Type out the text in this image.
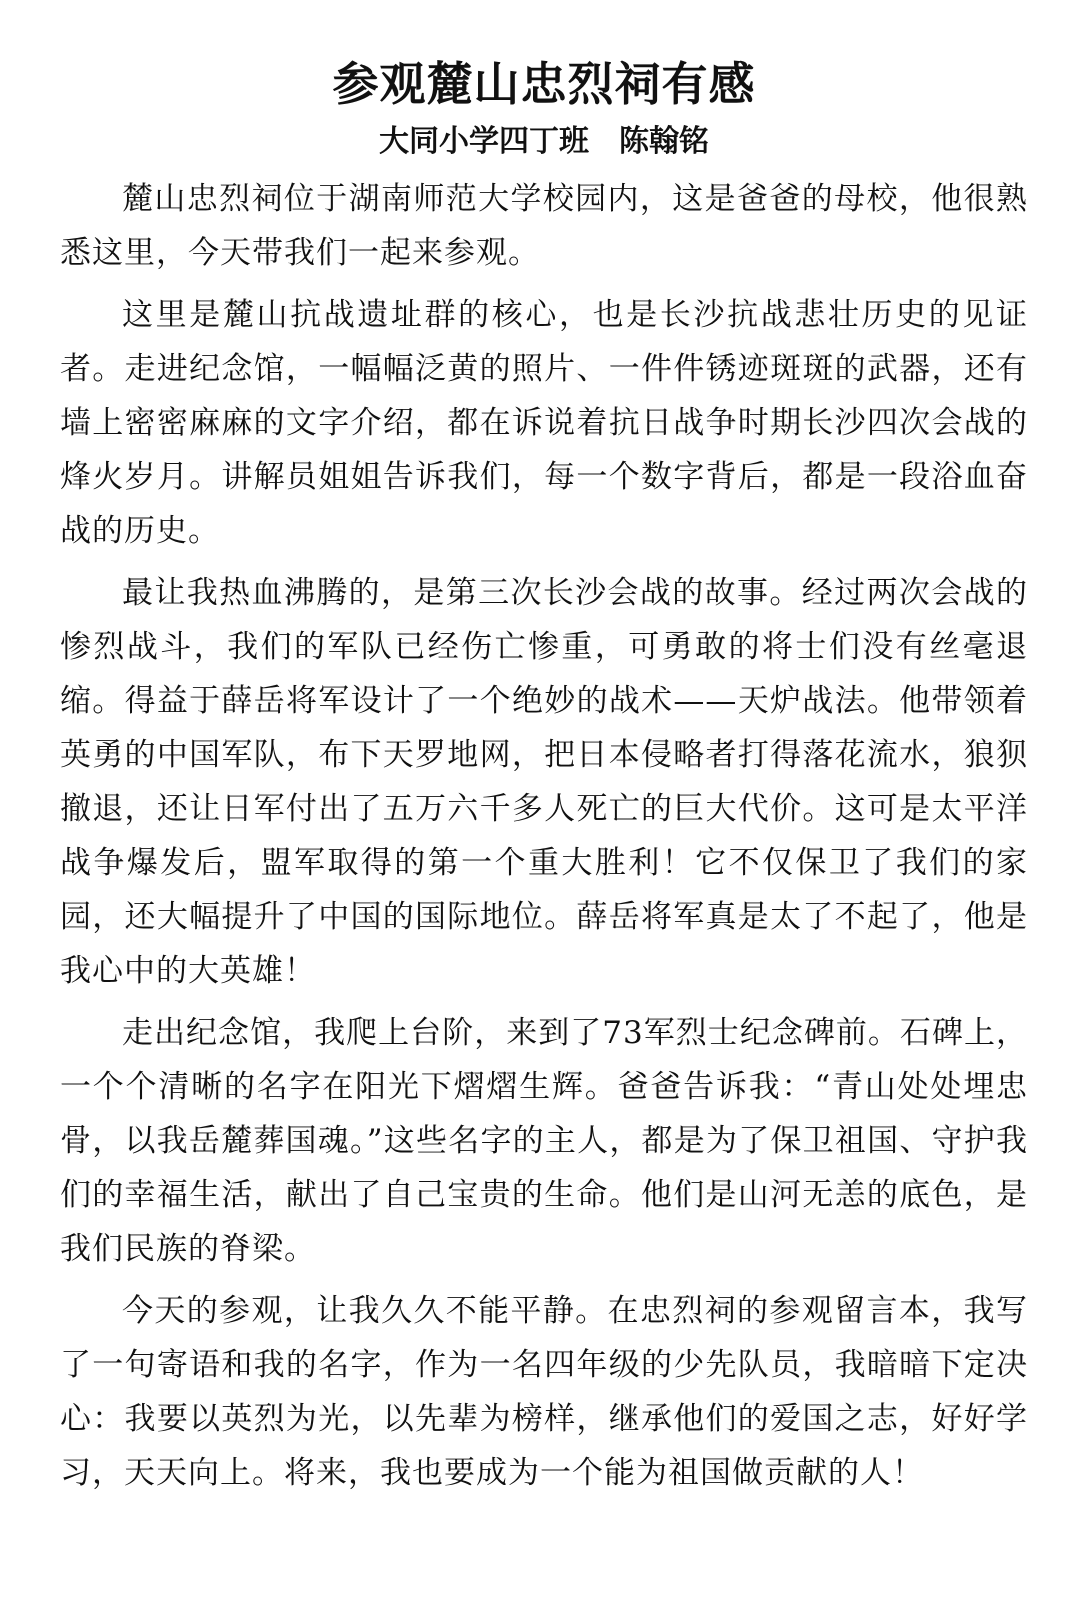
参观麓山忠烈祠有感
大同小学四丁班　陈翰铭

麓山忠烈祠位于湖南师范大学校园内，这是爸爸的母校，他很熟悉这里，今天带我们一起来参观。

这里是麓山抗战遗址群的核心，也是长沙抗战悲壮历史的见证者。走进纪念馆，一幅幅泛黄的照片、一件件锈迹斑斑的武器，还有墙上密密麻麻的文字介绍，都在诉说着抗日战争时期长沙四次会战的烽火岁月。讲解员姐姐告诉我们，每一个数字背后，都是一段浴血奋战的历史。

最让我热血沸腾的，是第三次长沙会战的故事。经过两次会战的惨烈战斗，我们的军队已经伤亡惨重，可勇敢的将士们没有丝毫退缩。得益于薛岳将军设计了一个绝妙的战术——天炉战法。他带领着英勇的中国军队，布下天罗地网，把日本侵略者打得落花流水，狼狈撤退，还让日军付出了五万六千多人死亡的巨大代价。这可是太平洋战争爆发后，盟军取得的第一个重大胜利！它不仅保卫了我们的家园，还大幅提升了中国的国际地位。薛岳将军真是太了不起了，他是我心中的大英雄！

走出纪念馆，我爬上台阶，来到了73军烈士纪念碑前。石碑上，一个个清晰的名字在阳光下熠熠生辉。爸爸告诉我：“青山处处埋忠骨，以我岳麓葬国魂。”这些名字的主人，都是为了保卫祖国、守护我们的幸福生活，献出了自己宝贵的生命。他们是山河无恙的底色，是我们民族的脊梁。

今天的参观，让我久久不能平静。在忠烈祠的参观留言本，我写了一句寄语和我的名字，作为一名四年级的少先队员，我暗暗下定决心：我要以英烈为光，以先辈为榜样，继承他们的爱国之志，好好学习，天天向上。将来，我也要成为一个能为祖国做贡献的人！
